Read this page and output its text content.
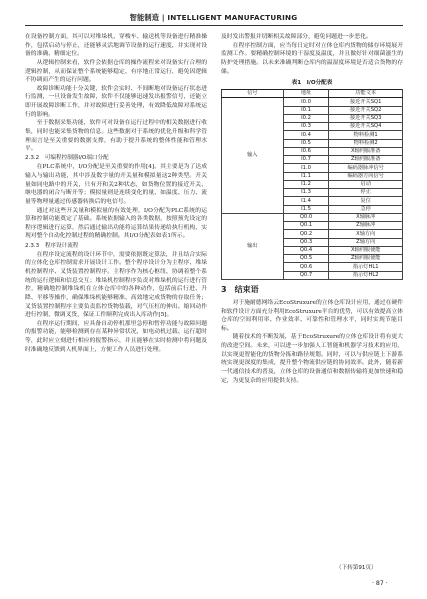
智能制造 | INTELLIGENT MANUFACTURING

在设备控制方面，其可以对堆垛机、穿梭车、输送机等设备进行精准操作，包括启动与停止，还能够灵活地调节设备的运行速度，并实现对设备的准确、精细定位。

从逻辑控制来看，软件会依据仓库的操作流程来对设备实行合理的逻辑控制，从而保证整个系统能够稳定、有序地正常运行，避免因逻辑不协调而产生的运行问题。

故障诊断功能十分关键，软件会实时、不间断地对设备运行状态进行监测，一旦设备发生故障，软件不仅能够迅速发出报警信号，还能立即开展故障诊断工作，并对故障进行妥善处理，有效降低故障对系统运行的影响。

至于数据采集功能，软件可对设备在运行过程中的相关数据进行收集，同时也能采集货物的信息。这些数据对于系统的优化升级和科学管理而言是至关重要的数据支撑，有助于提升系统的整体性能和管理水平。

2.3.2　可编程控制器I/O端口分配

在PLC系统中，I/O分配是至关重要的作用[4]。其主要是为了达成输入与输出功能，其中涉及数字量的开关量和模拟量这2种类型。开关量如同电路中的开关，只有开和关2种状态，如货物位置的接近开关、继电器的闭合与断开等；模拟量则是连续变化的量，如温度、压力、流量等物理量通过传感器转换后的电信号。

通过对这些开关量和模拟量的有效处理，I/O分配为PLC系统的运算和控制功能奠定了基础。系统依据输入的各类数据，按照预先设定的程序逻辑进行运算，然后通过输出功能将运算结果传递给执行机构，实现对整个自动化控制过程的精确控制。其I/O分配表如表1所示。

2.3.3　程序设计流程

在程序设定流程的设计环节中，需要依据既定算法，并且结合实际的立体化仓库控制需求开展设计工作。整个程序设计分为主程序、堆垛机控制程序、叉货装置控制程序。主程序作为核心枢纽，协调着整个系统的运行逻辑和信息交互；堆垛机控制程序负责对堆垛机的运行进行管控，精确地控制堆垛机在立体仓库中的各种动作，包括前后行进、升降、平移等操作，确保堆垛机能够精准、高效地完成货物的存取任务；叉货装置控制程序主要负责监控货物装载，对气压杠的伸出、缩回动作进行控制，微调叉货，保证工件顺利完成出入库动作[5]。

在程序运行期间，应具备自动停机那里急停和暂停功能与故障问题的报警功能，能够检测到存在某种异常状况，如电动机过载、运行超时等，此时应立刻进行相应的报警指示，并且能够在实时检测中将问题及时准确地反馈到人机界面上，方便工作人员进行处理。

及时发出警报并切断相关故障部分，避免问题进一步恶化。

在程序控制方面，应当每日定时对立体仓库内货物的储存环境展开监测工作。要精确控制环境的干湿度及温度，并且做好针对细菌滋生的防护处理措施。以未来准确判断仓库内的温湿度环境是否适合货物的存储。

表1　I/O分配表
信号	地址	功能文本
输入	I0.0	接近开关SQ1
	I0.1	接近开关SQ2
	I0.2	接近开关SQ3
	I0.3	接近开关SQ4
	I0.4	物料检测1
	I0.5	物料检测2
	I0.6	X轴伺服准备
	I0.7	Z轴伺服准备
	I1.0	编码器脉冲信号
	I1.1	编码器方向信号
	I1.2	启动
	I1.3	停止
	I1.4	复位
	I1.5	急停
输出	Q0.0	X轴脉冲
	Q0.1	Z轴脉冲
	Q0.2	X轴方向
	Q0.3	Z轴方向
	Q0.4	X轴伺服使能
	Q0.5	Z轴伺服使能
	Q0.6	指示灯HL1
	Q0.7	指示灯HL2
3　 结束语

对于施耐德网络云EcoStruxure的立体仓库设计应用，通过在硬件和软件设计方面充分利用EcoStruxure平台的优势，可以有效提高立体仓库的空间利用率、作业效率、可靠性和管理水平，同时实现节能目标。

随着技术的不断发展，基于EcoStruxure的立体仓库设计将有更大的改进空间。未来，可以进一步加强人工智能和机器学习技术的应用，以实现更智能化的货物分拣和路径规划。同时，可以与供应链上下游系统实现更深度的集成，提升整个物流供应链的协同效率。此外，随着新一代通信技术的普及，立体仓库的设备通信和数据传输将更加快速和稳定，为更复杂的应用提供支持。

（下转第91页）
· 87 ·
